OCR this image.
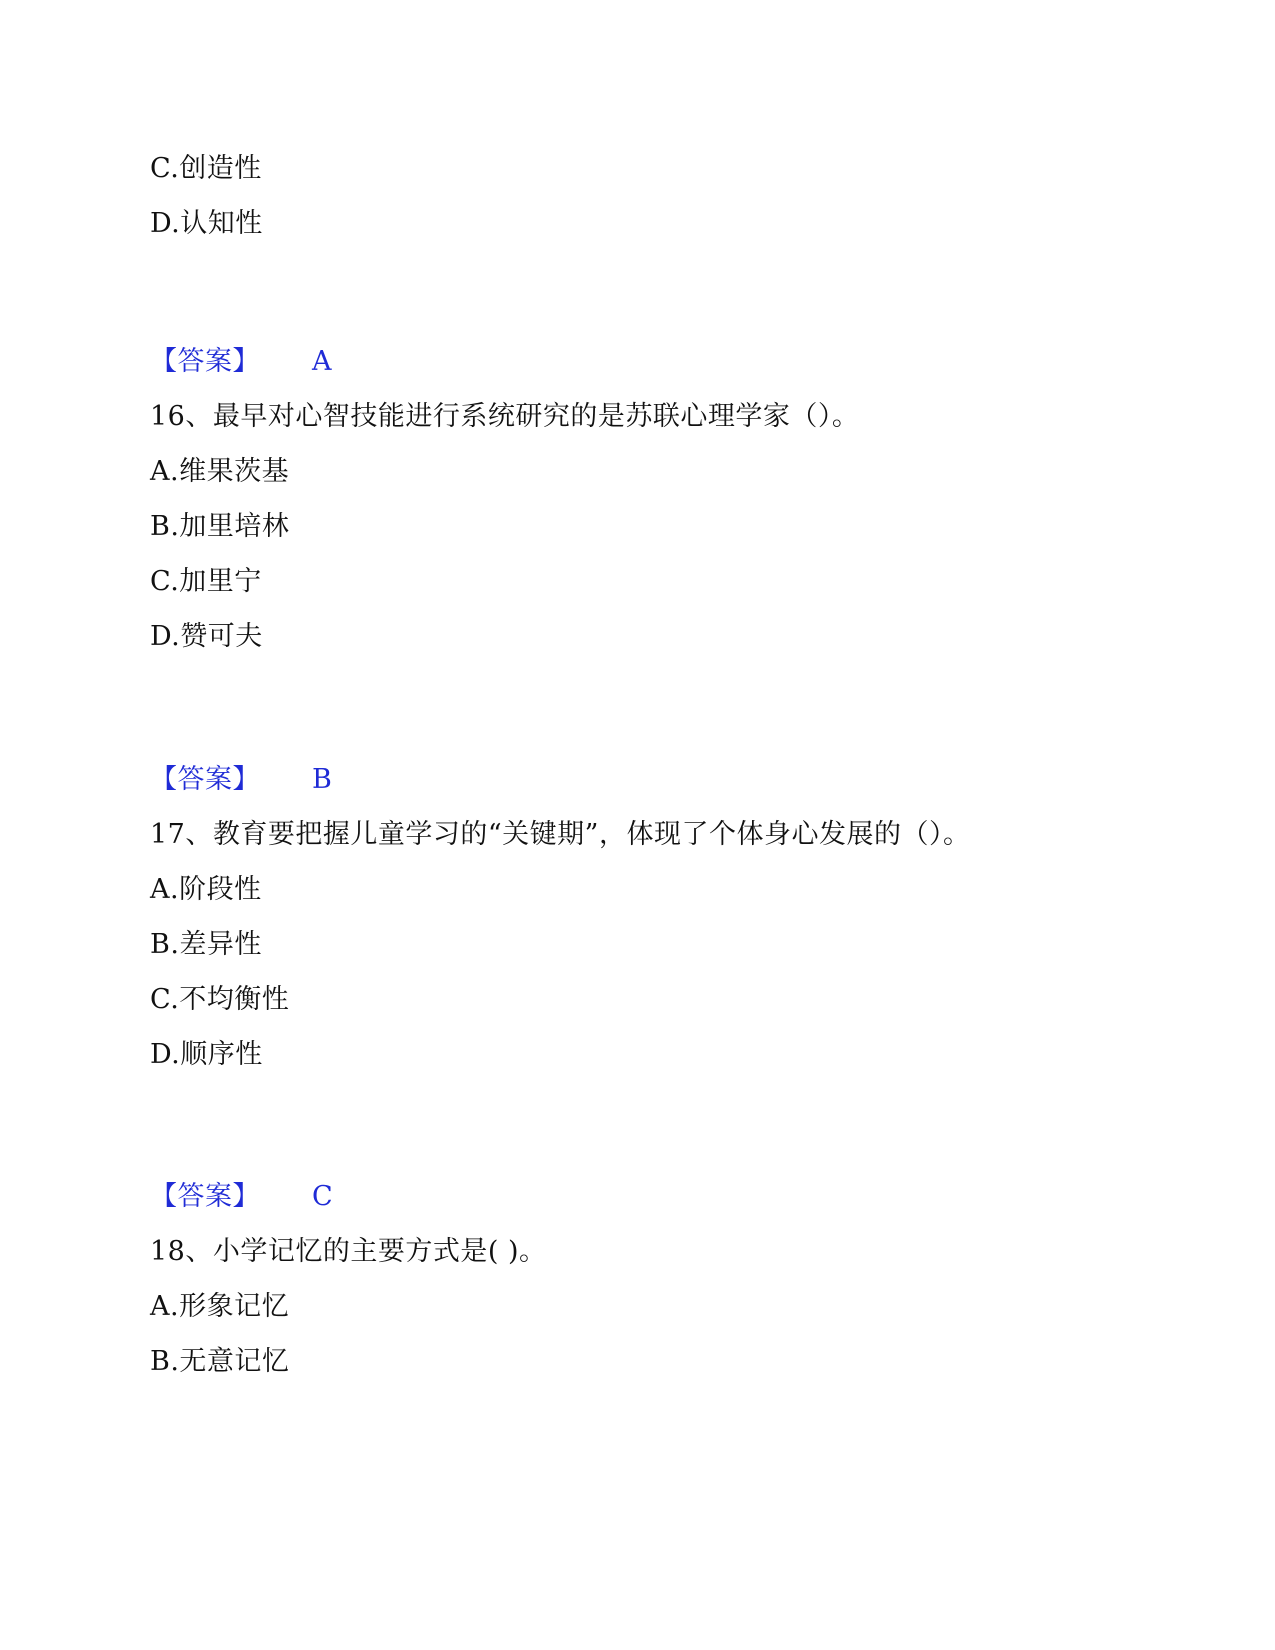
C.创造性
D.认知性
【答案】 A
16、最早对心智技能进行系统研究的是苏联心理学家（）。
A.维果茨基
B.加里培林
C.加里宁
D.赞可夫
【答案】 B
17、教育要把握儿童学习的“关键期”，体现了个体身心发展的（）。
A.阶段性
B.差异性
C.不均衡性
D.顺序性
【答案】 C
18、小学记忆的主要方式是( )。
A.形象记忆
B.无意记忆
